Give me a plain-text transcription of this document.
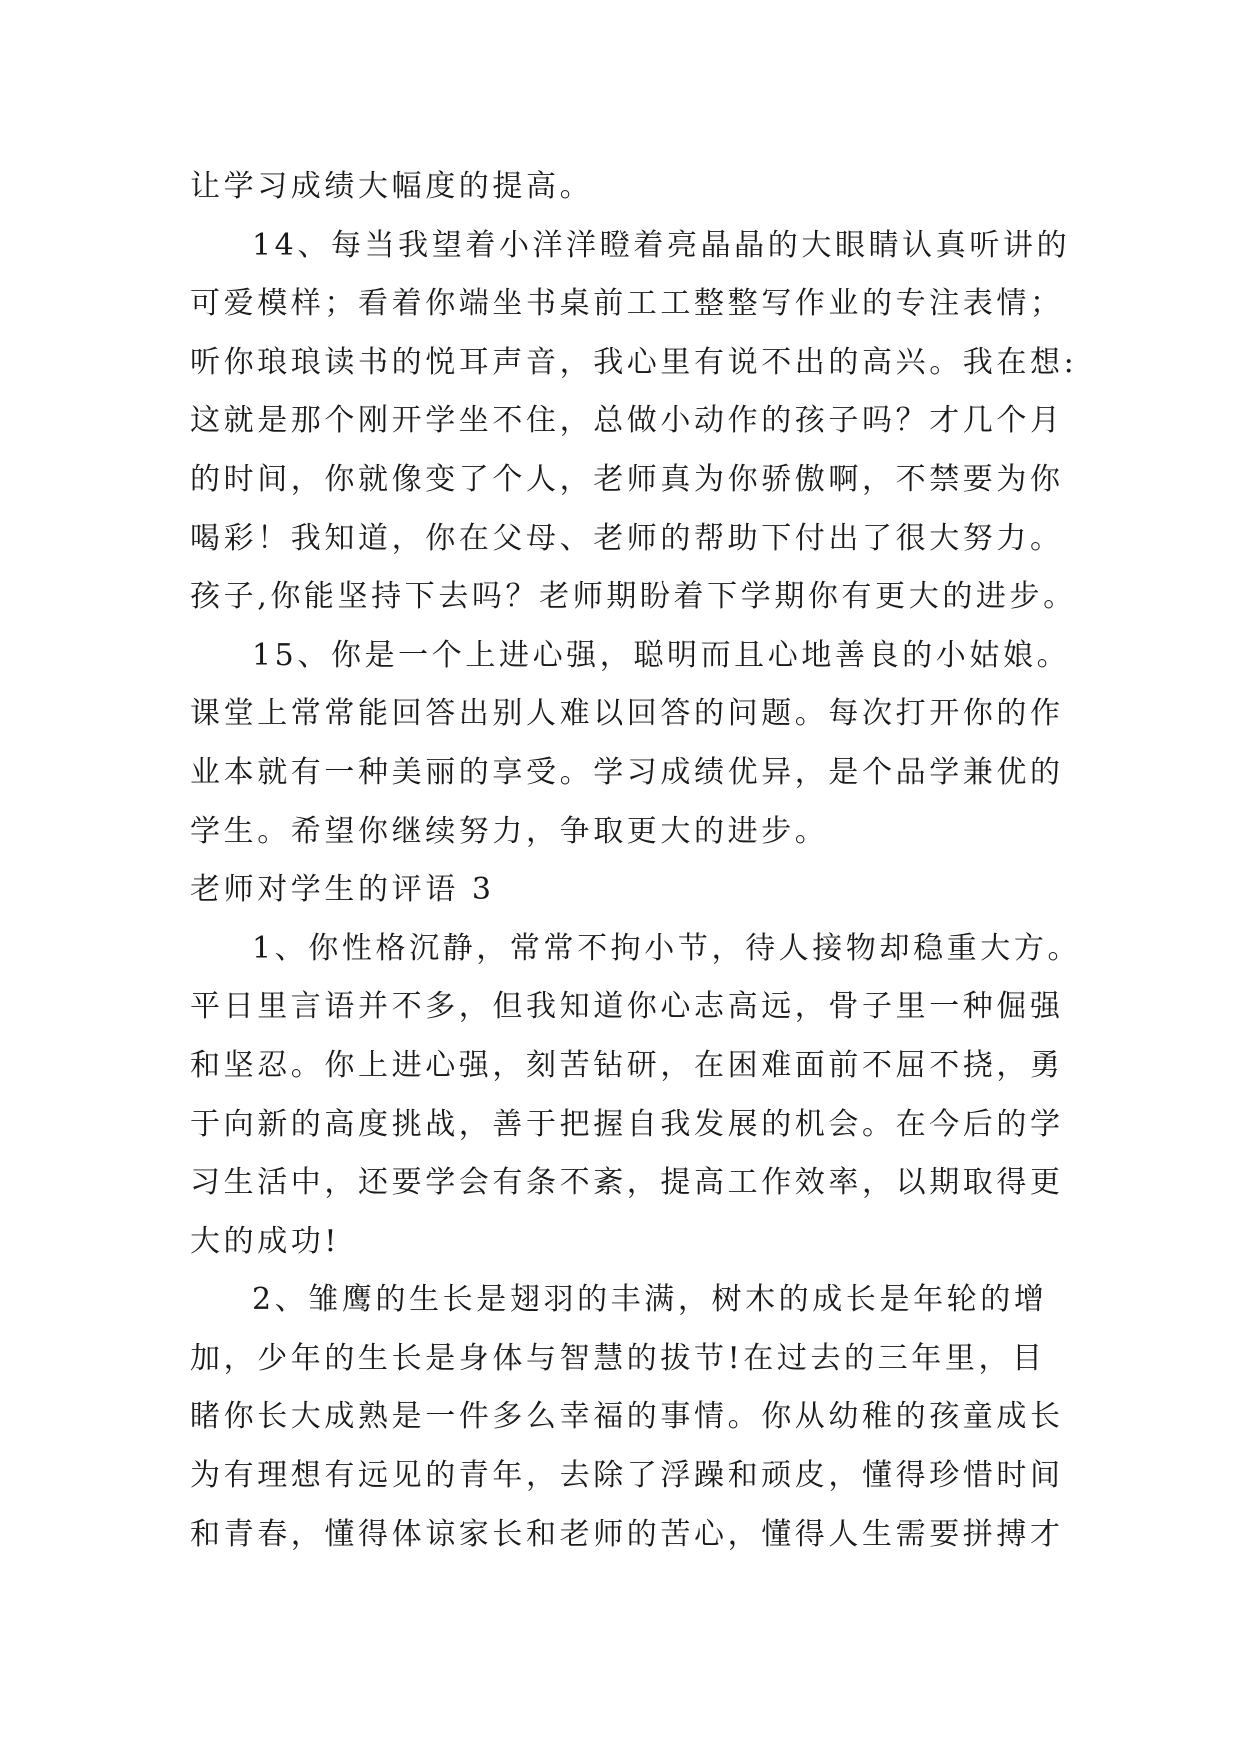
让学习成绩大幅度的提高。
14、每当我望着小洋洋瞪着亮晶晶的大眼睛认真听讲的
可爱模样；看着你端坐书桌前工工整整写作业的专注表情；
听你琅琅读书的悦耳声音，我心里有说不出的高兴。我在想:
这就是那个刚开学坐不住，总做小动作的孩子吗？才几个月
的时间，你就像变了个人，老师真为你骄傲啊，不禁要为你
喝彩！我知道，你在父母、老师的帮助下付出了很大努力。
孩子,你能坚持下去吗？老师期盼着下学期你有更大的进步。
15、你是一个上进心强，聪明而且心地善良的小姑娘。
课堂上常常能回答出别人难以回答的问题。每次打开你的作
业本就有一种美丽的享受。学习成绩优异，是个品学兼优的
学生。希望你继续努力，争取更大的进步。
老师对学生的评语 3
1、你性格沉静，常常不拘小节，待人接物却稳重大方。
平日里言语并不多，但我知道你心志高远，骨子里一种倔强
和坚忍。你上进心强，刻苦钻研，在困难面前不屈不挠，勇
于向新的高度挑战，善于把握自我发展的机会。在今后的学
习生活中，还要学会有条不紊，提高工作效率，以期取得更
大的成功!
2、雏鹰的生长是翅羽的丰满，树木的成长是年轮的增
加，少年的生长是身体与智慧的拔节!在过去的三年里，目
睹你长大成熟是一件多么幸福的事情。你从幼稚的孩童成长
为有理想有远见的青年，去除了浮躁和顽皮，懂得珍惜时间
和青春，懂得体谅家长和老师的苦心，懂得人生需要拼搏才
